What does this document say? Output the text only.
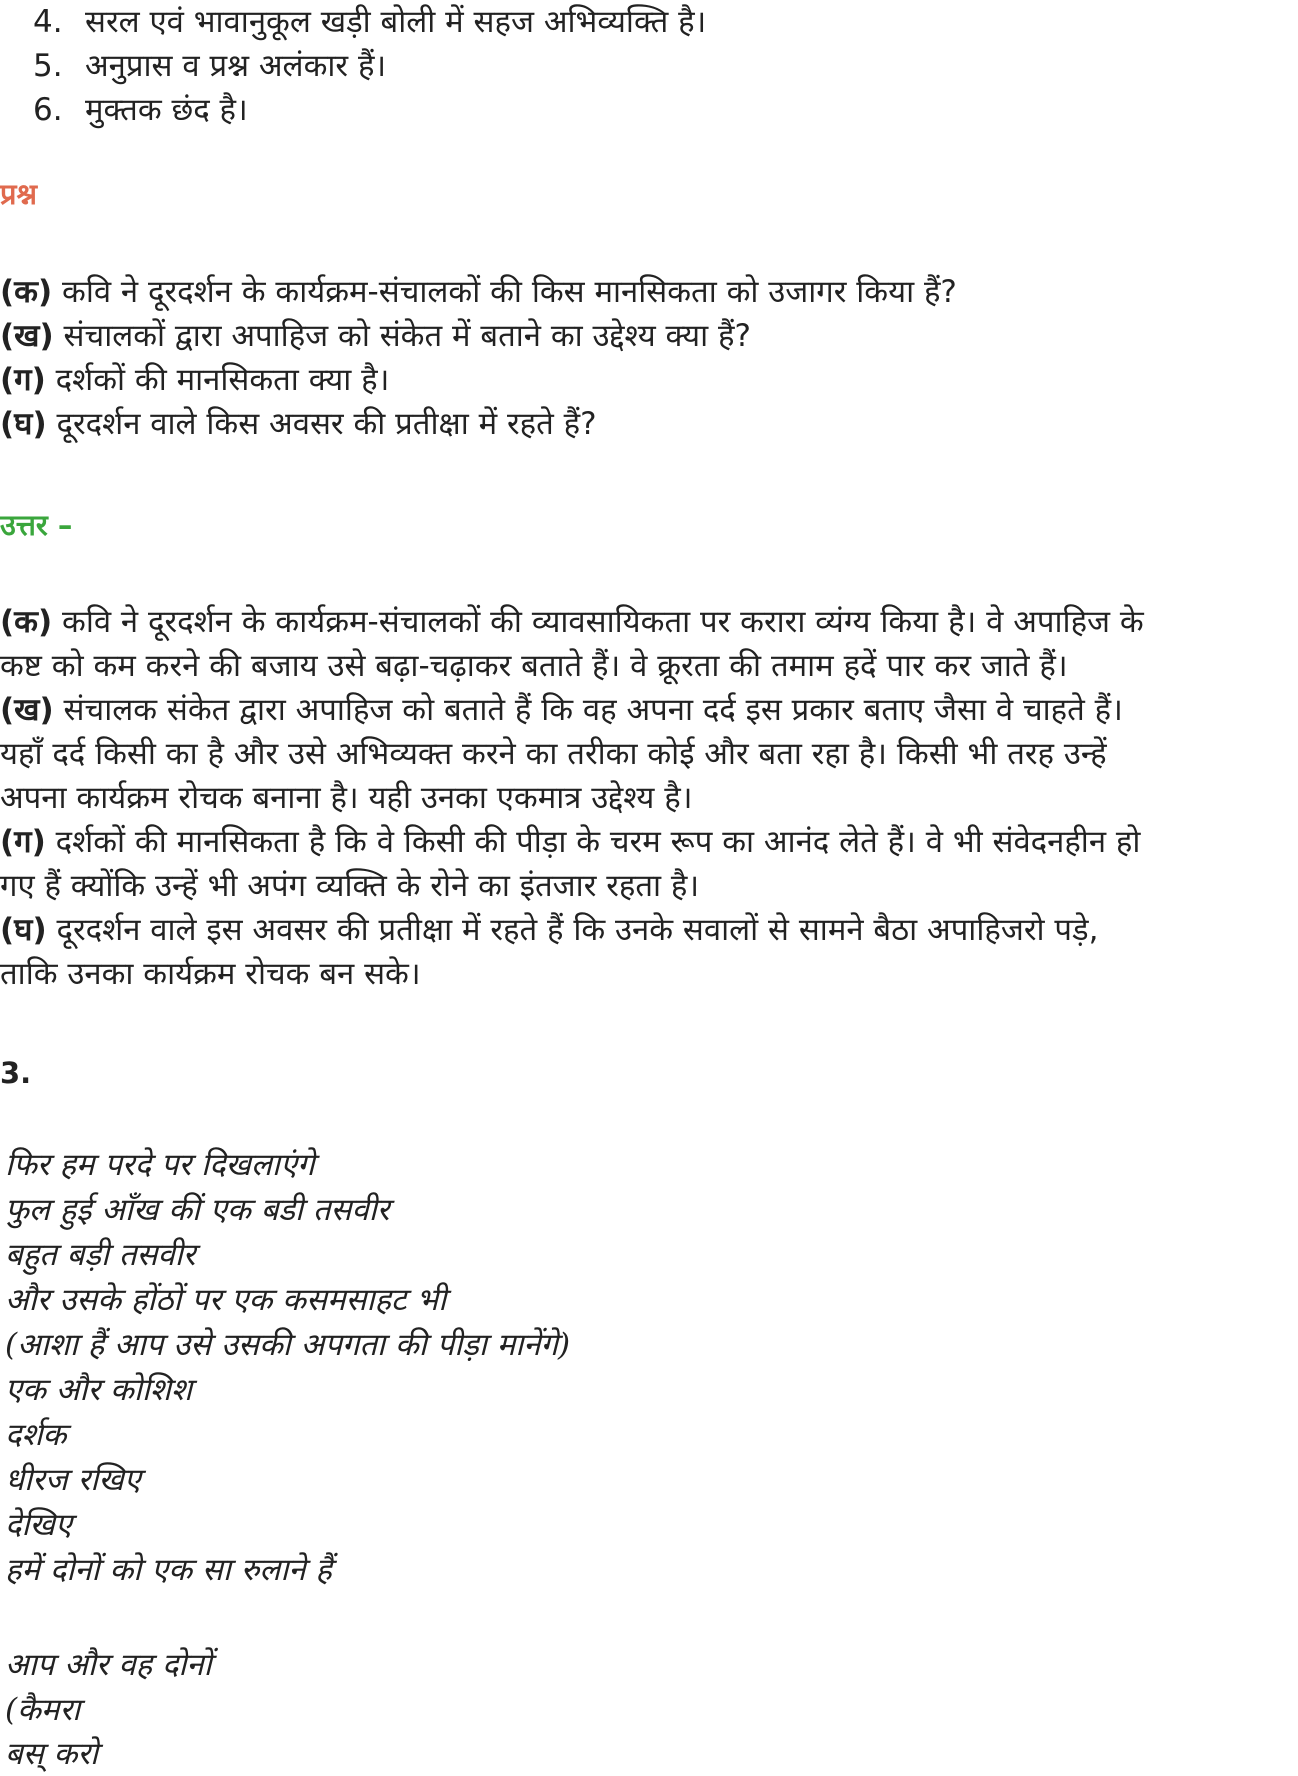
4. सरल एवं भावानुकूल खड़ी बोली में सहज अभिव्यक्ति है।
5. अनुप्रास व प्रश्न अलंकार हैं।
6. मुक्तक छंद है।
प्रश्न
(क) कवि ने दूरदर्शन के कार्यक्रम-संचालकों की किस मानसिकता को उजागर किया हैं?
(ख) संचालकों द्वारा अपाहिज को संकेत में बताने का उद्देश्य क्या हैं?
(ग) दर्शकों की मानसिकता क्या है।
(घ) दूरदर्शन वाले किस अवसर की प्रतीक्षा में रहते हैं?
उत्तर –
(क) कवि ने दूरदर्शन के कार्यक्रम-संचालकों की व्यावसायिकता पर करारा व्यंग्य किया है। वे अपाहिज के
कष्ट को कम करने की बजाय उसे बढ़ा-चढ़ाकर बताते हैं। वे क्रूरता की तमाम हदें पार कर जाते हैं।
(ख) संचालक संकेत द्वारा अपाहिज को बताते हैं कि वह अपना दर्द इस प्रकार बताए जैसा वे चाहते हैं।
यहाँ दर्द किसी का है और उसे अभिव्यक्त करने का तरीका कोई और बता रहा है। किसी भी तरह उन्हें
अपना कार्यक्रम रोचक बनाना है। यही उनका एकमात्र उद्देश्य है।
(ग) दर्शकों की मानसिकता है कि वे किसी की पीड़ा के चरम रूप का आनंद लेते हैं। वे भी संवेदनहीन हो
गए हैं क्योंकि उन्हें भी अपंग व्यक्ति के रोने का इंतजार रहता है।
(घ) दूरदर्शन वाले इस अवसर की प्रतीक्षा में रहते हैं कि उनके सवालों से सामने बैठा अपाहिजरो पड़े,
ताकि उनका कार्यक्रम रोचक बन सके।
3.
फिर हम परदे पर दिखलाएंगे
फुल हुई आँख कीं एक बडी तसवीर
बहुत बड़ी तसवीर
और उसके होंठों पर एक कसमसाहट भी
(आशा हैं आप उसे उसकी अपगता की पीड़ा मानेंगे)
एक और कोशिश
दर्शक
धीरज रखिए
देखिए
हमें दोनों को एक सा रुलाने हैं
आप और वह दोनों
(कैमरा
बस् करो
